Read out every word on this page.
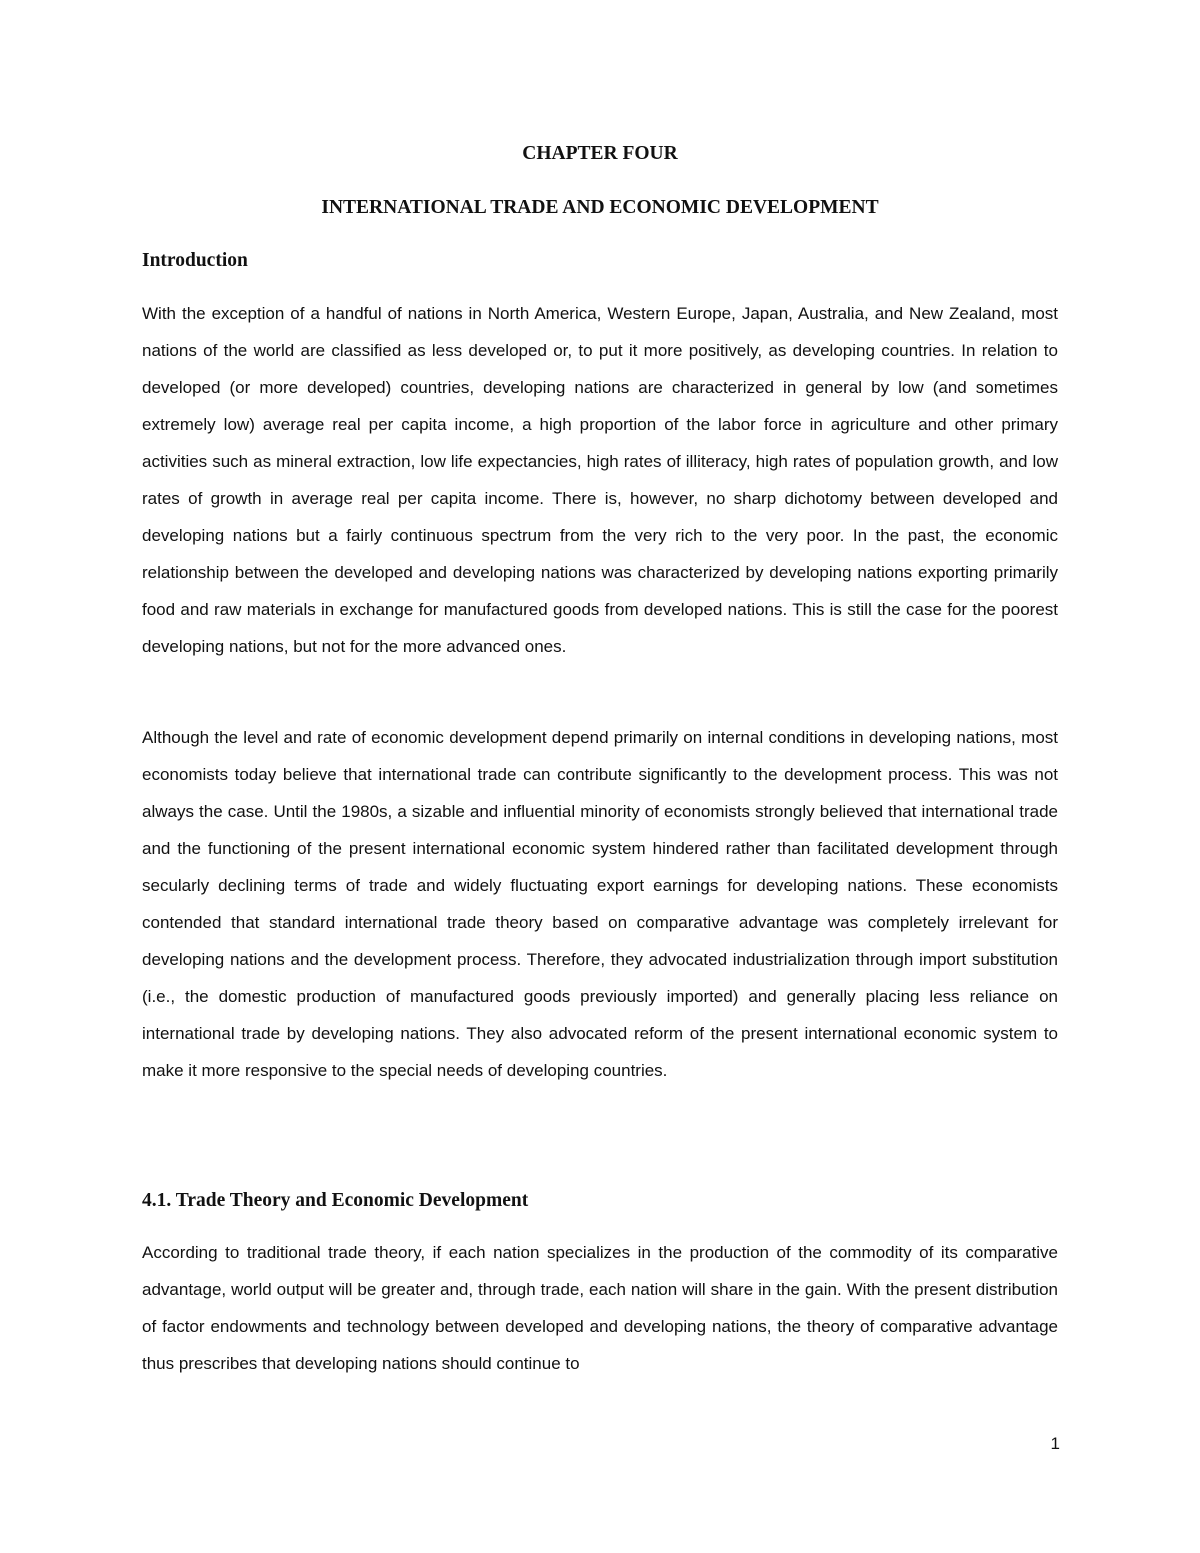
CHAPTER FOUR
INTERNATIONAL TRADE AND ECONOMIC DEVELOPMENT
Introduction

With the exception of a handful of nations in North America, Western Europe, Japan, Australia, and New Zealand, most nations of the world are classified as less developed or, to put it more positively, as developing countries. In relation to developed (or more developed) countries, developing nations are characterized in general by low (and sometimes extremely low) average real per capita income, a high proportion of the labor force in agriculture and other primary activities such as mineral extraction, low life expectancies, high rates of illiteracy, high rates of population growth, and low rates of growth in average real per capita income. There is, however, no sharp dichotomy between developed and developing nations but a fairly continuous spectrum from the very rich to the very poor. In the past, the economic relationship between the developed and developing nations was characterized by developing nations exporting primarily food and raw materials in exchange for manufactured goods from developed nations. This is still the case for the poorest developing nations, but not for the more advanced ones.

Although the level and rate of economic development depend primarily on internal conditions in developing nations, most economists today believe that international trade can contribute significantly to the development process. This was not always the case. Until the 1980s, a sizable and influential minority of economists strongly believed that international trade and the functioning of the present international economic system hindered rather than facilitated development through secularly declining terms of trade and widely fluctuating export earnings for developing nations. These economists contended that standard international trade theory based on comparative advantage was completely irrelevant for developing nations and the development process. Therefore, they advocated industrialization through import substitution (i.e., the domestic production of manufactured goods previously imported) and generally placing less reliance on international trade by developing nations. They also advocated reform of the present international economic system to make it more responsive to the special needs of developing countries.

4.1. Trade Theory and Economic Development

According to traditional trade theory, if each nation specializes in the production of the commodity of its comparative advantage, world output will be greater and, through trade, each nation will share in the gain. With the present distribution of factor endowments and technology between developed and developing nations, the theory of comparative advantage thus prescribes that developing nations should continue to

1
